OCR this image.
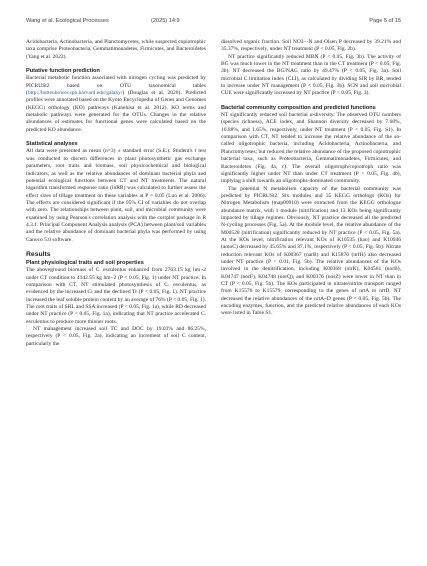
Wang et al. Ecological Processes	(2025) 14:9	Page 5 of 15

Acidobacteria, Actinobacteria, and Planctomycetes, while suspected copiotrophic taxa comprise Proteobacteria, Gemmatimonadetes, Firmicutes, and Bacteroidetes (Yang et al. 2022).

Putative function prediction

Bacterial metabolic function associated with nitrogen cycling was predicted by PICRUSt2 based on OTU taxonomical tables (http://huttenhower.sph.harvard.edu/galaxy/) (Douglas et al. 2020). Predicted profiles were annotated based on the Kyoto Encyclopedia of Genes and Genomes (KEGG) orthology (KO) pathways (Kanehisa et al. 2012). KO terms and metabolic pathways were generated for the OTUs. Changes in the relative abundances of estimates for functional genes were calculated based on the predicted KO abundance.

Statistical analyses

All data were presented as mean (n=3) ± standard error (S.E.). Student's t test was conducted to discern differences in plant photosynthetic gas exchange parameters, root traits and biomass, soil physicochemical and biological indicators, as well as the relative abundances of dominant bacterial phyla and potential ecological functions between CT and NT treatments. The natural logarithm transformed response ratio (lnRR) was calculated to further assess the effect sizes of tillage treatment on these variables at P = 0.05 (Luo et al. 2006). The effects are considered significant if the 95% CI of variables do not overlap with zero. The relationships between plant, soil, and microbial community were examined by using Pearson's correlation analysis with the corrplot package in R 4.3.1. Principal Component Analysis analysis (PCA) between plant/soil variables and the relative abundance of dominant bacterial phyla was performed by using Canoco 5.0 software.

Results
Plant physiological traits and soil properties

The aboveground biomass of C. esculentus enhanced from 2763.15 kg hm−2 under CT condition to 4142.55 kg hm−2 (P < 0.05, Fig. 1) under NT practice. In comparison with CT, NT stimulated photosynthesis of C. esculentus, as evidenced by the increased Ci and the declined Tr (P < 0.05, Fig. 1). NT practice increased the leaf soluble protein content by an average of 76% (P < 0.05, Fig. 1). The root traits of SRL and SSA increased (P < 0.05, Fig. 1a), while RD decreased under NT practice (P < 0.05, Fig. 1a), indicating that NT practice accelerated C. esculentus to produce more thinner roots.

NT management increased soil TC and DOC by 19.03% and 86.25%, respectively (P < 0.05, Fig. 2a), indicating an increment of soil C content, particularly the

dissolved organic fraction. Soil NO3−-N and Olsen P decreased by 39.21% and 35.37%, respectively, under NT treatment (P < 0.05, Fig. 2b).

NT practice significantly reduced MBN (P < 0.05, Fig. 3b). The activity of BG was much lower in the NT treatment than in the CT treatment (P < 0.05, Fig. 3b). NT decreased the BG/NAG ratio by 49.47% (P < 0.05, Fig. 3a). Soil microbial C limitation index (CLI), as calculated by dividing SIR by BR, tended to increase under NT management (P < 0.05, Fig. 3b). SCN and soil microbial CUE were significantly increased by NT practice (P < 0.05, Fig. 3).

Bacterial community composition and predicted functions

NT significantly reduced soil bacterial α-diversity. The observed OTU numbers (species richness), ACE index, and Shannon diversity decreased by 7.68%, 10.88%, and 1.65%, respectively, under NT treatment (P < 0.05, Fig. S1). In comparison with CT, NT tended to increase the relative abundance of the so-called oligotrophic bacteria, including Acidobacteria, Actinobacteria, and Planctomycetes; but reduced the relative abundance of the proposed copiotrophic bacterial taxa, such as Proteobacteria, Gemmatimonadetes, Firmicutes, and Bacteroidetes (Fig. 4a, c). The overall oligotroph/copiotroph ratio was significantly higher under NT than under CT treatment (P < 0.05, Fig. 4b), implying a shift towards an oligotrophs-dominated community.

The potential N metabolism capacity of the bacterial community was predicted by PICRUSt2. Six modules and 35 KEGG orthologs (KOs) for Nitrogen Metabolism (map00910) were extracted from the KEGG orthologue abundance matrix, with 1 module (nitrification) and 13 KOs being significantly impacted by tillage regimes. Obviously, NT practice decreased all the predicted N-cycling processes (Fig. 5a). At the module level, the relative abundance of the M00528 (nitrification) significantly reduced by NT practice (P < 0.05, Fig. 5a). At the KOs level, nitrification relevant KOs of K10535 (hao) and K10946 (amoC) decreased by 45.65% and 37.1%, respectively (P < 0.05, Fig. 5b). Nitrate reduction relevant KOs of K00367 (narB) and K15876 (nrfH) also decreased under NT practice (P < 0.01, Fig. 5b). The relative abundances of the KOs involved in the denitrification, including K00368 (nirK), K04561 (norB), K04747 (norF), K04748 (norQ), and K00376 (nosZ) were lower in NT than in CT (P < 0.05, Fig. 5b). The KOs participated in nitrate/nitrite transport ranged from K15576 to K15579, corresponding to the genes of nrtA to nrtD. NT decreased the relative abundances of the nrtA–D genes (P < 0.05, Fig. 5b). The encoding enzymes, function, and the predicted relative abundances of each KOs were listed in Table S1.
